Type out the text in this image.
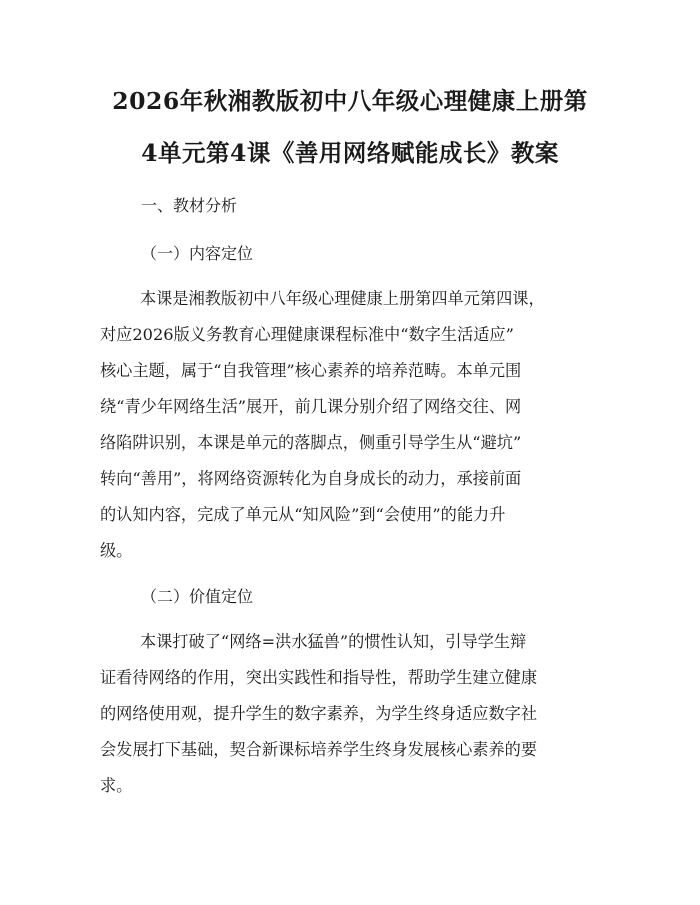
2026年秋湘教版初中八年级心理健康上册第
4单元第4课《善用网络赋能成长》教案
一、教材分析
（一）内容定位
本课是湘教版初中八年级心理健康上册第四单元第四课，
对应2026版义务教育心理健康课程标准中“数字生活适应”
核心主题，属于“自我管理”核心素养的培养范畴。本单元围
绕“青少年网络生活”展开，前几课分别介绍了网络交往、网
络陷阱识别，本课是单元的落脚点，侧重引导学生从“避坑”
转向“善用”，将网络资源转化为自身成长的动力，承接前面
的认知内容，完成了单元从“知风险”到“会使用”的能力升
级。
（二）价值定位
本课打破了“网络=洪水猛兽”的惯性认知，引导学生辩
证看待网络的作用，突出实践性和指导性，帮助学生建立健康
的网络使用观，提升学生的数字素养，为学生终身适应数字社
会发展打下基础，契合新课标培养学生终身发展核心素养的要
求。
